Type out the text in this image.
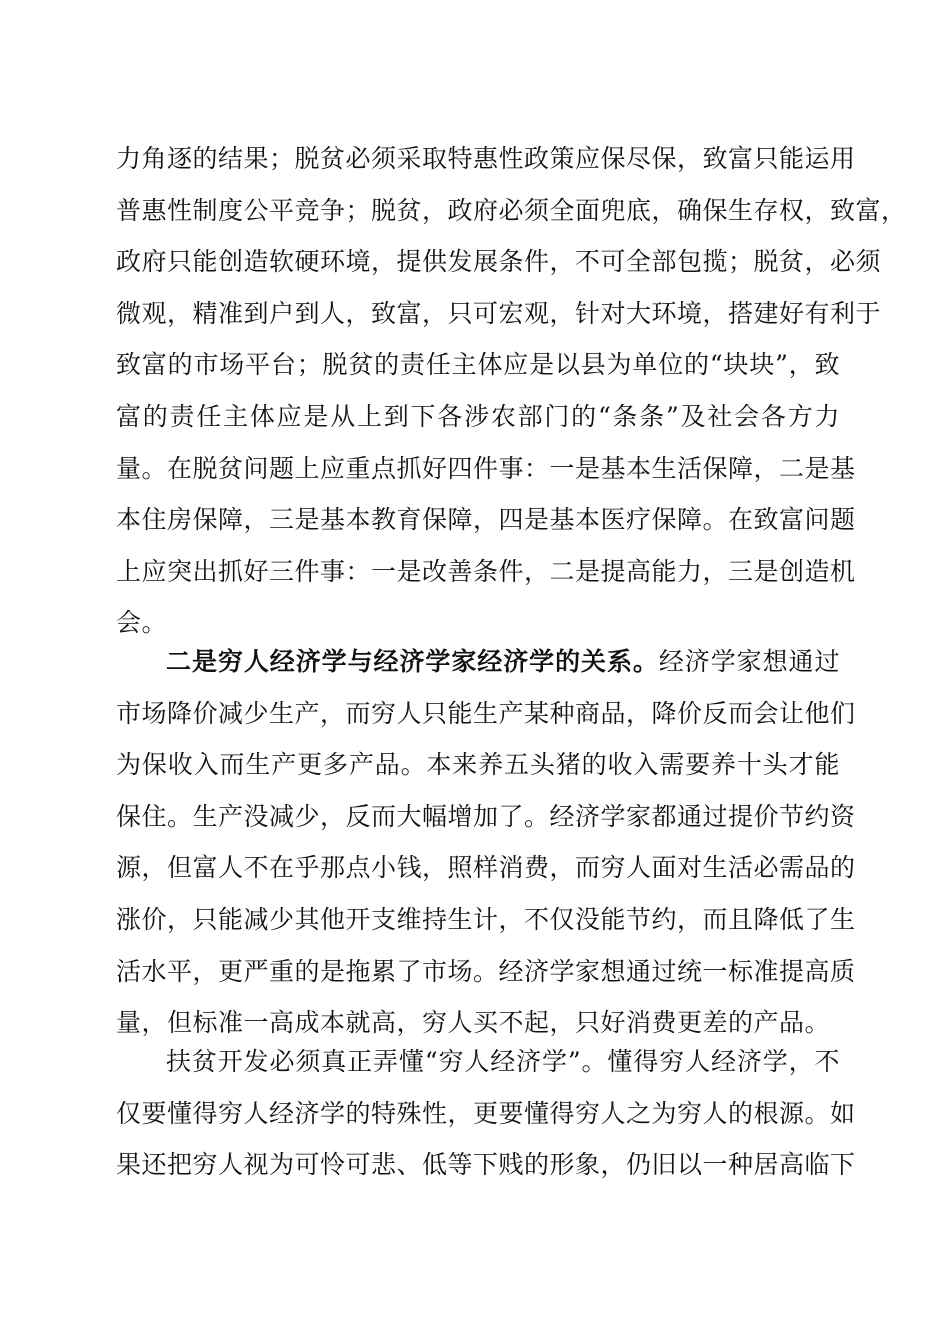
力角逐的结果；脱贫必须采取特惠性政策应保尽保，致富只能运用
普惠性制度公平竞争；脱贫，政府必须全面兜底，确保生存权，致富，
政府只能创造软硬环境，提供发展条件，不可全部包揽；脱贫，必须
微观，精准到户到人，致富，只可宏观，针对大环境，搭建好有利于
致富的市场平台；脱贫的责任主体应是以县为单位的“块块”，致
富的责任主体应是从上到下各涉农部门的“条条”及社会各方力
量。在脱贫问题上应重点抓好四件事：一是基本生活保障，二是基
本住房保障，三是基本教育保障，四是基本医疗保障。在致富问题
上应突出抓好三件事：一是改善条件，二是提高能力，三是创造机
会。
二是穷人经济学与经济学家经济学的关系。经济学家想通过
市场降价减少生产，而穷人只能生产某种商品，降价反而会让他们
为保收入而生产更多产品。本来养五头猪的收入需要养十头才能
保住。生产没减少，反而大幅增加了。经济学家都通过提价节约资
源，但富人不在乎那点小钱，照样消费，而穷人面对生活必需品的
涨价，只能减少其他开支维持生计，不仅没能节约，而且降低了生
活水平，更严重的是拖累了市场。经济学家想通过统一标准提高质
量，但标准一高成本就高，穷人买不起，只好消费更差的产品。
扶贫开发必须真正弄懂“穷人经济学”。懂得穷人经济学，不
仅要懂得穷人经济学的特殊性，更要懂得穷人之为穷人的根源。如
果还把穷人视为可怜可悲、低等下贱的形象，仍旧以一种居高临下
